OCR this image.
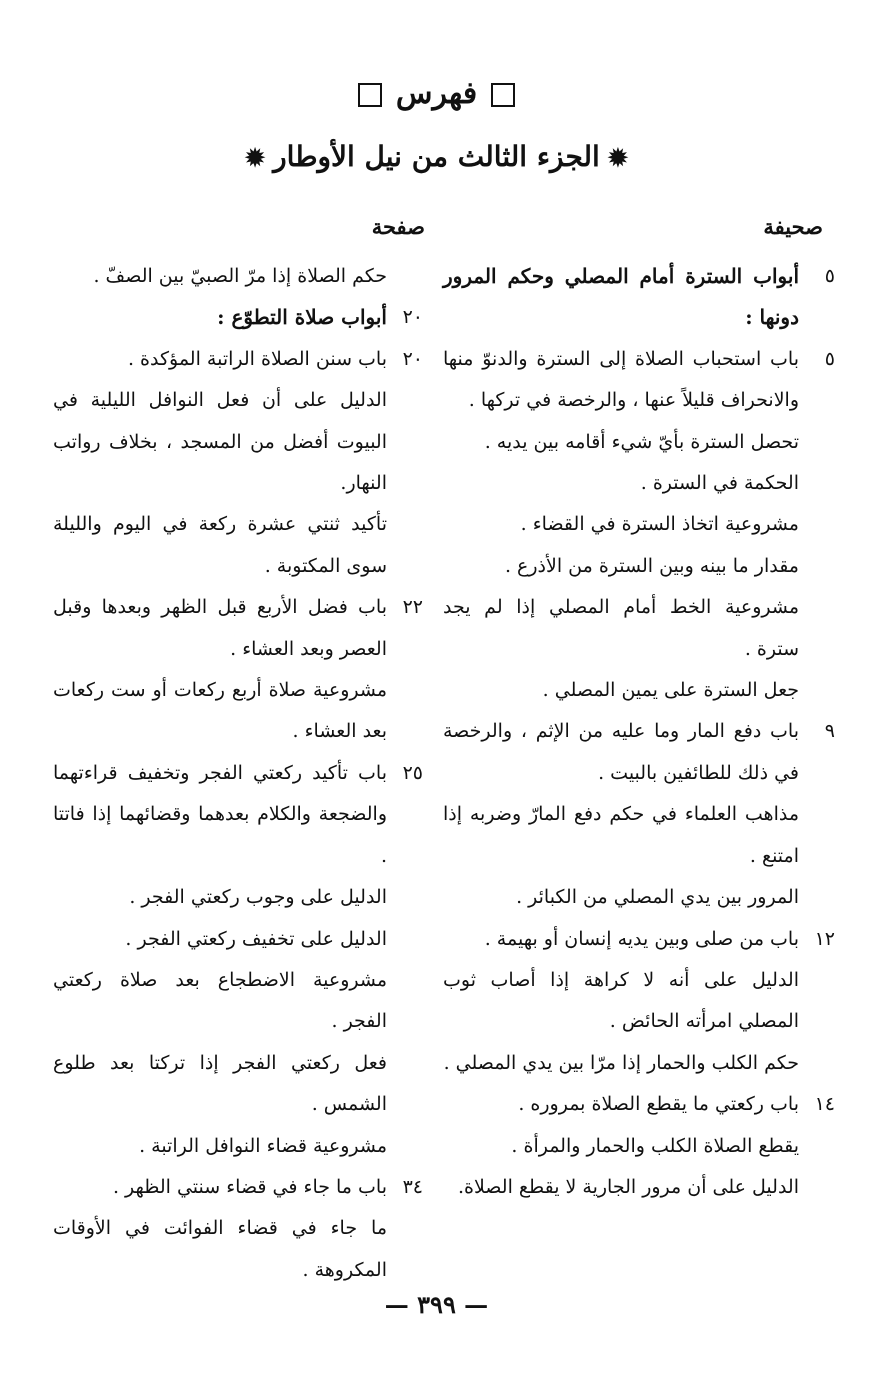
فهرس
✹الجزء الثالث من نيل الأوطار✹
صحيفة
صفحة
٥
أبواب السترة أمام المصلي وحكم المرور دونها :
٥
باب استحباب الصلاة إلى السترة والدنوّ منها والانحراف قليلاً عنها ، والرخصة في تركها .
تحصل السترة بأيّ شيء أقامه بين يديه .
الحكمة في السترة .
مشروعية اتخاذ السترة في القضاء .
مقدار ما بينه وبين السترة من الأذرع .
مشروعية الخط أمام المصلي إذا لم يجد سترة .
جعل السترة على يمين المصلي .
٩
باب دفع المار وما عليه من الإثم ، والرخصة في ذلك للطائفين بالبيت .
مذاهب العلماء في حكم دفع المارّ وضربه إذا امتنع .
المرور بين يدي المصلي من الكبائر .
١٢
باب من صلى وبين يديه إنسان أو بهيمة .
الدليل على أنه لا كراهة إذا أصاب ثوب المصلي امرأته الحائض .
حكم الكلب والحمار إذا مرّا بين يدي المصلي .
١٤
باب ركعتي ما يقطع الصلاة بمروره .
يقطع الصلاة الكلب والحمار والمرأة .
الدليل على أن مرور الجارية لا يقطع الصلاة.
حكم الصلاة إذا مرّ الصبيّ بين الصفّ .
٢٠
أبواب صلاة التطوّع :
٢٠
باب سنن الصلاة الراتبة المؤكدة .
الدليل على أن فعل النوافل الليلية في البيوت أفضل من المسجد ، بخلاف رواتب النهار.
تأكيد ثنتي عشرة ركعة في اليوم والليلة سوى المكتوبة .
٢٢
باب فضل الأربع قبل الظهر وبعدها وقبل العصر وبعد العشاء .
مشروعية صلاة أربع ركعات أو ست ركعات بعد العشاء .
٢٥
باب تأكيد ركعتي الفجر وتخفيف قراءتهما والضجعة والكلام بعدهما وقضائهما إذا فاتتا .
الدليل على وجوب ركعتي الفجر .
الدليل على تخفيف ركعتي الفجر .
مشروعية الاضطجاع بعد صلاة ركعتي الفجر .
فعل ركعتي الفجر إذا تركتا بعد طلوع الشمس .
مشروعية قضاء النوافل الراتبة .
٣٤
باب ما جاء في قضاء سنتي الظهر .
ما جاء في قضاء الفوائت في الأوقات المكروهة .
— ٣٩٩ —
